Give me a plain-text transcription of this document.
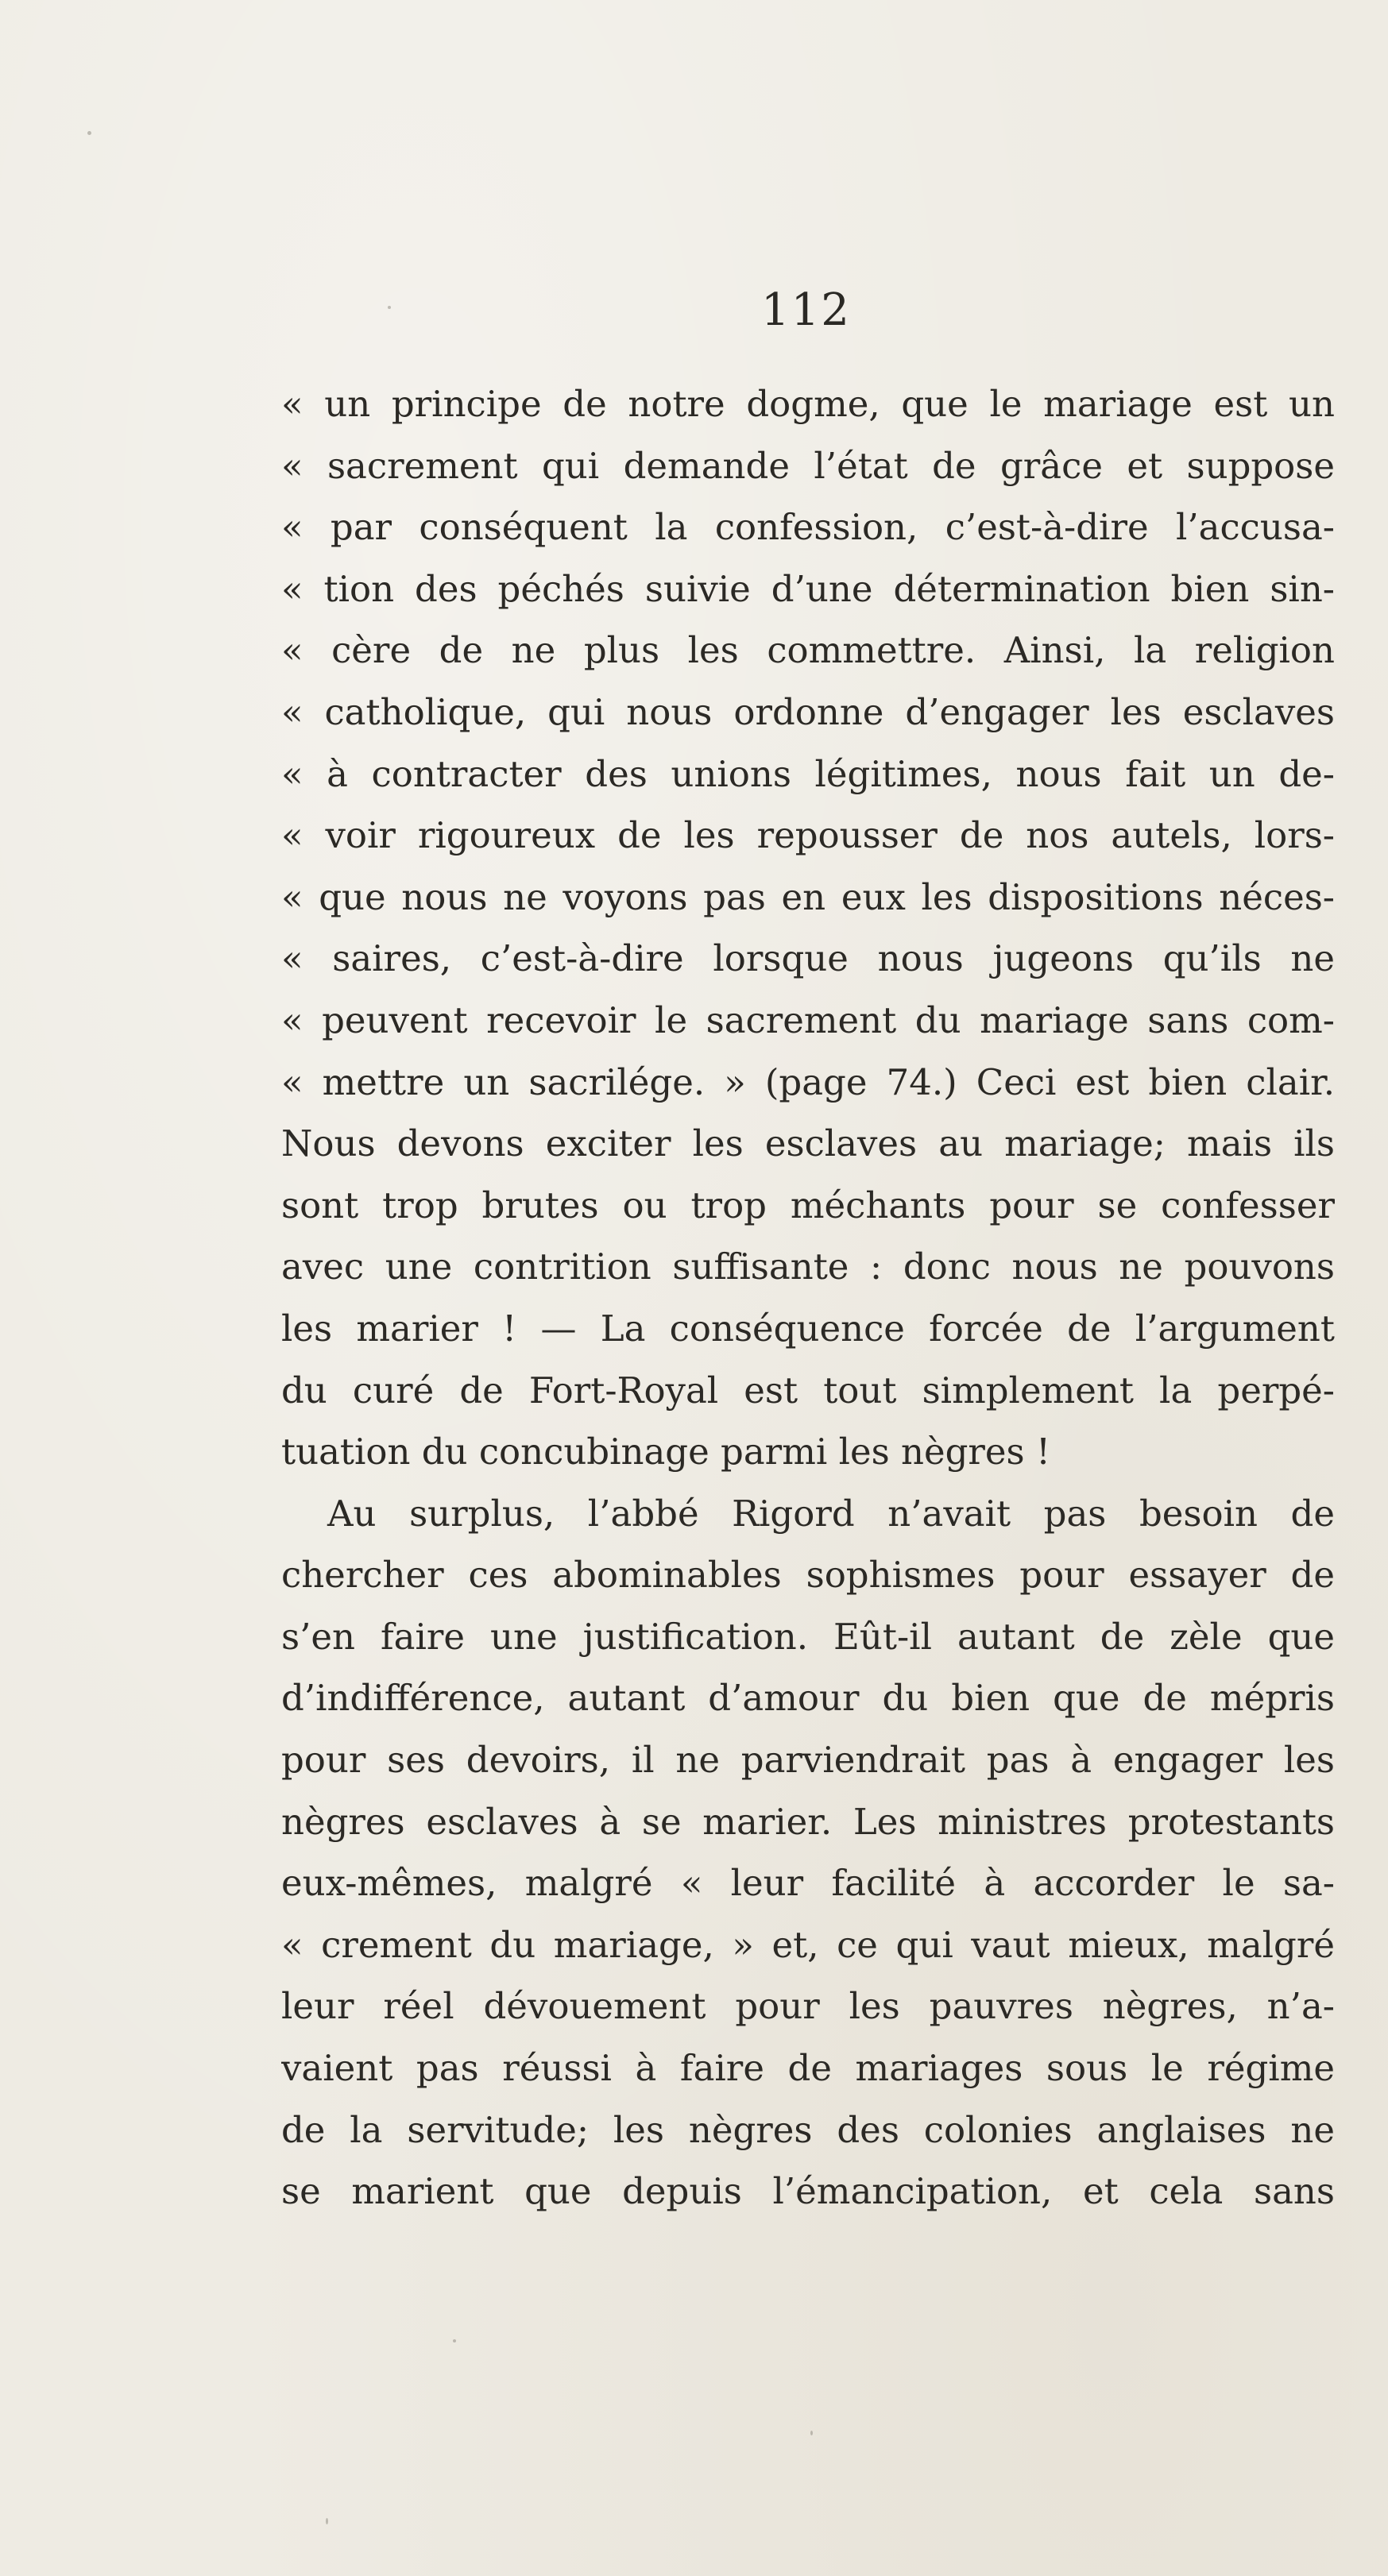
112
« un principe de notre dogme, que le mariage est un
« sacrement qui demande l’état de grâce et suppose
« par conséquent la confession, c’est-à-dire l’accusa-
« tion des péchés suivie d’une détermination bien sin-
« cère de ne plus les commettre. Ainsi, la religion
« catholique, qui nous ordonne d’engager les esclaves
« à contracter des unions légitimes, nous fait un de-
« voir rigoureux de les repousser de nos autels, lors-
« que nous ne voyons pas en eux les dispositions néces-
« saires, c’est-à-dire lorsque nous jugeons qu’ils ne
« peuvent recevoir le sacrement du mariage sans com-
« mettre un sacrilége. » (page 74.) Ceci est bien clair.
Nous devons exciter les esclaves au mariage; mais ils
sont trop brutes ou trop méchants pour se confesser
avec une contrition suffisante : donc nous ne pouvons
les marier ! — La conséquence forcée de l’argument
du curé de Fort-Royal est tout simplement la perpé-
tuation du concubinage parmi les nègres !
Au surplus, l’abbé Rigord n’avait pas besoin de
chercher ces abominables sophismes pour essayer de
s’en faire une justification. Eût-il autant de zèle que
d’indifférence, autant d’amour du bien que de mépris
pour ses devoirs, il ne parviendrait pas à engager les
nègres esclaves à se marier. Les ministres protestants
eux-mêmes, malgré « leur facilité à accorder le sa-
« crement du mariage, » et, ce qui vaut mieux, malgré
leur réel dévouement pour les pauvres nègres, n’a-
vaient pas réussi à faire de mariages sous le régime
de la servitude; les nègres des colonies anglaises ne
se marient que depuis l’émancipation, et cela sans
